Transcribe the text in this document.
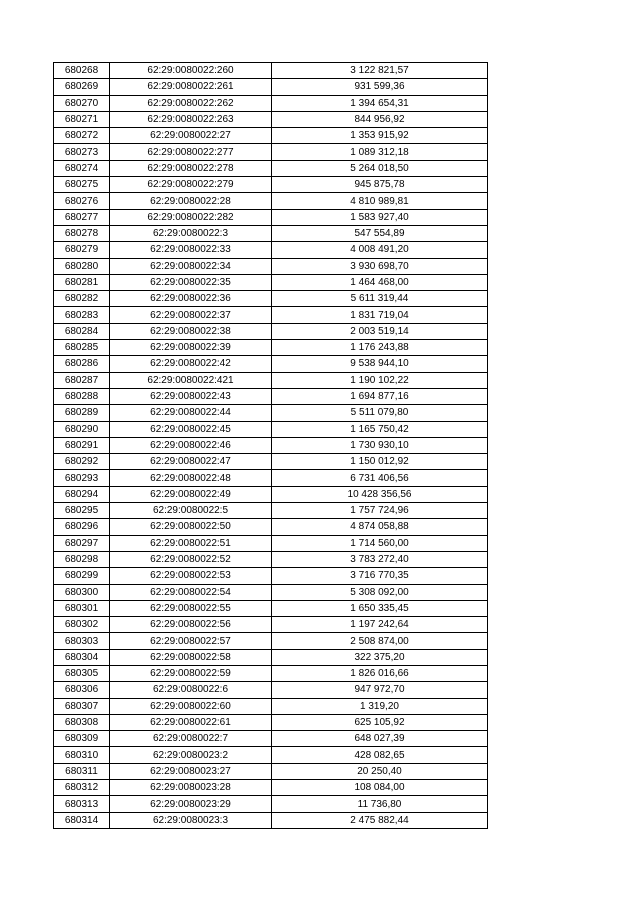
680268	62:29:0080022:260	3 122 821,57
680269	62:29:0080022:261	931 599,36
680270	62:29:0080022:262	1 394 654,31
680271	62:29:0080022:263	844 956,92
680272	62:29:0080022:27	1 353 915,92
680273	62:29:0080022:277	1 089 312,18
680274	62:29:0080022:278	5 264 018,50
680275	62:29:0080022:279	945 875,78
680276	62:29:0080022:28	4 810 989,81
680277	62:29:0080022:282	1 583 927,40
680278	62:29:0080022:3	547 554,89
680279	62:29:0080022:33	4 008 491,20
680280	62:29:0080022:34	3 930 698,70
680281	62:29:0080022:35	1 464 468,00
680282	62:29:0080022:36	5 611 319,44
680283	62:29:0080022:37	1 831 719,04
680284	62:29:0080022:38	2 003 519,14
680285	62:29:0080022:39	1 176 243,88
680286	62:29:0080022:42	9 538 944,10
680287	62:29:0080022:421	1 190 102,22
680288	62:29:0080022:43	1 694 877,16
680289	62:29:0080022:44	5 511 079,80
680290	62:29:0080022:45	1 165 750,42
680291	62:29:0080022:46	1 730 930,10
680292	62:29:0080022:47	1 150 012,92
680293	62:29:0080022:48	6 731 406,56
680294	62:29:0080022:49	10 428 356,56
680295	62:29:0080022:5	1 757 724,96
680296	62:29:0080022:50	4 874 058,88
680297	62:29:0080022:51	1 714 560,00
680298	62:29:0080022:52	3 783 272,40
680299	62:29:0080022:53	3 716 770,35
680300	62:29:0080022:54	5 308 092,00
680301	62:29:0080022:55	1 650 335,45
680302	62:29:0080022:56	1 197 242,64
680303	62:29:0080022:57	2 508 874,00
680304	62:29:0080022:58	322 375,20
680305	62:29:0080022:59	1 826 016,66
680306	62:29:0080022:6	947 972,70
680307	62:29:0080022:60	1 319,20
680308	62:29:0080022:61	625 105,92
680309	62:29:0080022:7	648 027,39
680310	62:29:0080023:2	428 082,65
680311	62:29:0080023:27	20 250,40
680312	62:29:0080023:28	108 084,00
680313	62:29:0080023:29	11 736,80
680314	62:29:0080023:3	2 475 882,44
